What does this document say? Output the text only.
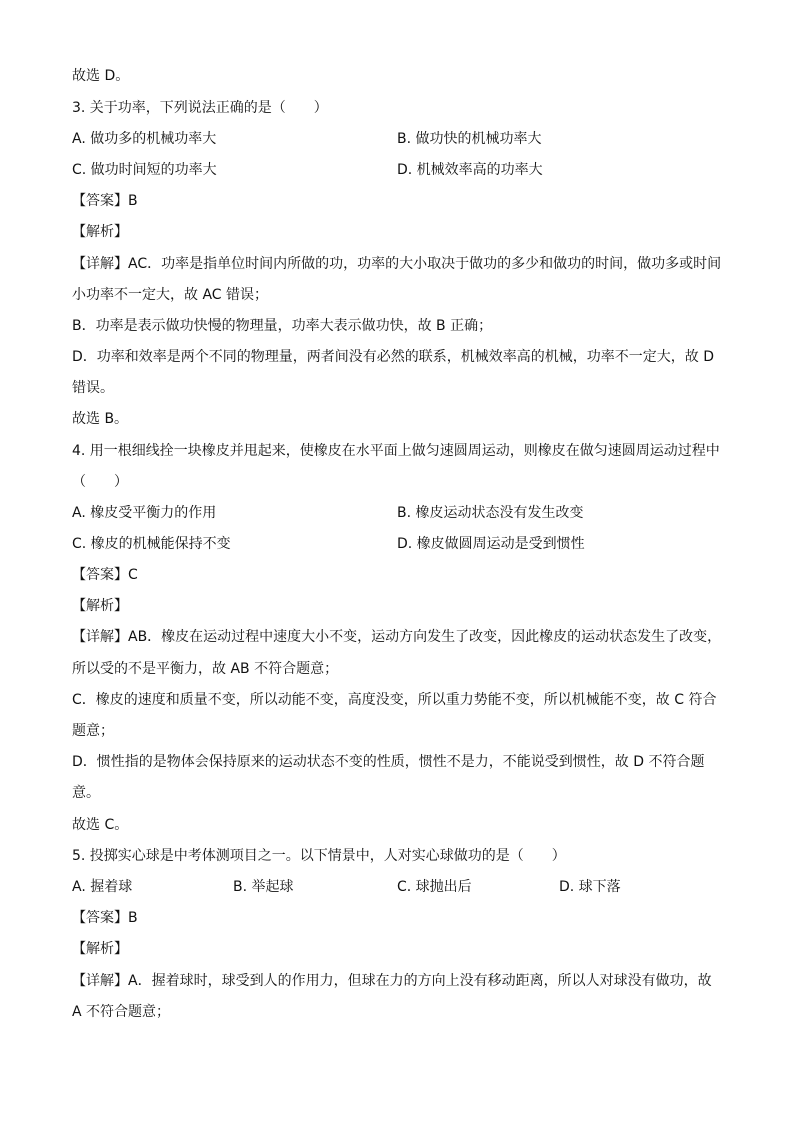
故选 D。
3. 关于功率，下列说法正确的是（　　）
A. 做功多的机械功率大	B. 做功快的机械功率大
C. 做功时间短的功率大	D. 机械效率高的功率大
【答案】B
【解析】
【详解】AC．功率是指单位时间内所做的功，功率的大小取决于做功的多少和做功的时间，做功多或时间
小功率不一定大，故 AC 错误；
B．功率是表示做功快慢的物理量，功率大表示做功快，故 B 正确；
D．功率和效率是两个不同的物理量，两者间没有必然的联系，机械效率高的机械，功率不一定大，故 D
错误。
故选 B。
4. 用一根细线拴一块橡皮并甩起来，使橡皮在水平面上做匀速圆周运动，则橡皮在做匀速圆周运动过程中
（　　）
A. 橡皮受平衡力的作用	B. 橡皮运动状态没有发生改变
C. 橡皮的机械能保持不变	D. 橡皮做圆周运动是受到惯性
【答案】C
【解析】
【详解】AB．橡皮在运动过程中速度大小不变，运动方向发生了改变，因此橡皮的运动状态发生了改变，
所以受的不是平衡力，故 AB 不符合题意；
C．橡皮的速度和质量不变，所以动能不变，高度没变，所以重力势能不变，所以机械能不变，故 C 符合
题意；
D．惯性指的是物体会保持原来的运动状态不变的性质，惯性不是力，不能说受到惯性，故 D 不符合题
意。
故选 C。
5. 投掷实心球是中考体测项目之一。以下情景中，人对实心球做功的是（　　）
A. 握着球	B. 举起球	C. 球抛出后	D. 球下落
【答案】B
【解析】
【详解】A．握着球时，球受到人的作用力，但球在力的方向上没有移动距离，所以人对球没有做功，故
A 不符合题意；
